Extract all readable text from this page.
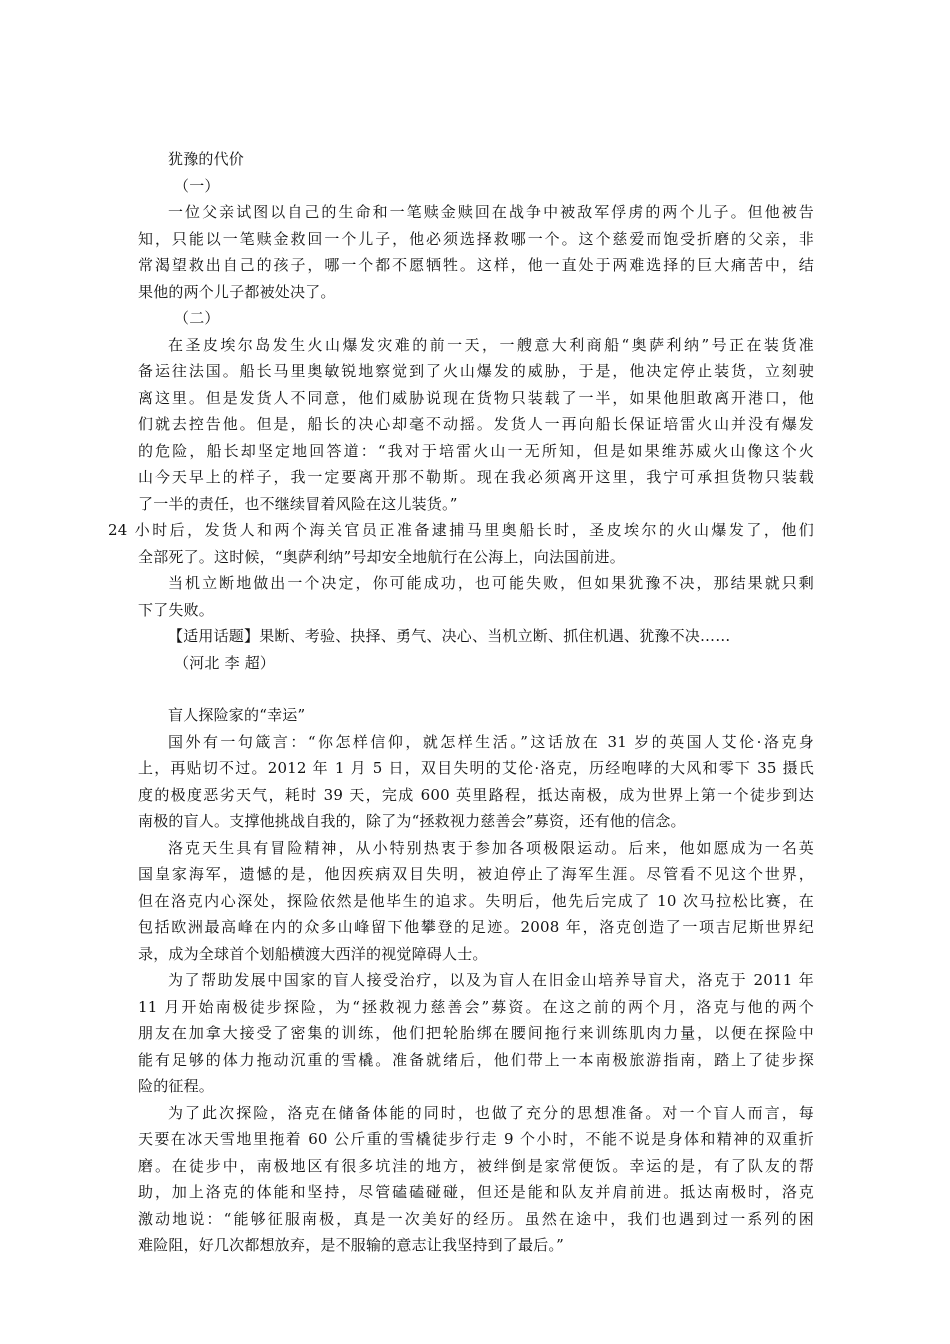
犹豫的代价
（一）
一位父亲试图以自己的生命和一笔赎金赎回在战争中被敌军俘虏的两个儿子。但他被告
知，只能以一笔赎金救回一个儿子，他必须选择救哪一个。这个慈爱而饱受折磨的父亲，非
常渴望救出自己的孩子，哪一个都不愿牺牲。这样，他一直处于两难选择的巨大痛苦中，结
果他的两个儿子都被处决了。
（二）
在圣皮埃尔岛发生火山爆发灾难的前一天，一艘意大利商船“奥萨利纳”号正在装货准
备运往法国。船长马里奥敏锐地察觉到了火山爆发的威胁，于是，他决定停止装货，立刻驶
离这里。但是发货人不同意，他们威胁说现在货物只装载了一半，如果他胆敢离开港口，他
们就去控告他。但是，船长的决心却毫不动摇。发货人一再向船长保证培雷火山并没有爆发
的危险，船长却坚定地回答道：“我对于培雷火山一无所知，但是如果维苏威火山像这个火
山今天早上的样子，我一定要离开那不勒斯。现在我必须离开这里，我宁可承担货物只装载
了一半的责任，也不继续冒着风险在这儿装货。”
24 小时后，发货人和两个海关官员正准备逮捕马里奥船长时，圣皮埃尔的火山爆发了，他们
全部死了。这时候，“奥萨利纳”号却安全地航行在公海上，向法国前进。
当机立断地做出一个决定，你可能成功，也可能失败，但如果犹豫不决，那结果就只剩
下了失败。
【适用话题】果断、考验、抉择、勇气、决心、当机立断、抓住机遇、犹豫不决……
（河北 李 超）
盲人探险家的“幸运”
国外有一句箴言：“你怎样信仰，就怎样生活。”这话放在 31 岁的英国人艾伦·洛克身
上，再贴切不过。2012 年 1 月 5 日，双目失明的艾伦·洛克，历经咆哮的大风和零下 35 摄氏
度的极度恶劣天气，耗时 39 天，完成 600 英里路程，抵达南极，成为世界上第一个徒步到达
南极的盲人。支撑他挑战自我的，除了为“拯救视力慈善会”募资，还有他的信念。
洛克天生具有冒险精神，从小特别热衷于参加各项极限运动。后来，他如愿成为一名英
国皇家海军，遗憾的是，他因疾病双目失明，被迫停止了海军生涯。尽管看不见这个世界，
但在洛克内心深处，探险依然是他毕生的追求。失明后，他先后完成了 10 次马拉松比赛，在
包括欧洲最高峰在内的众多山峰留下他攀登的足迹。2008 年，洛克创造了一项吉尼斯世界纪
录，成为全球首个划船横渡大西洋的视觉障碍人士。
为了帮助发展中国家的盲人接受治疗，以及为盲人在旧金山培养导盲犬，洛克于 2011 年
11 月开始南极徒步探险，为“拯救视力慈善会”募资。在这之前的两个月，洛克与他的两个
朋友在加拿大接受了密集的训练，他们把轮胎绑在腰间拖行来训练肌肉力量，以便在探险中
能有足够的体力拖动沉重的雪橇。准备就绪后，他们带上一本南极旅游指南，踏上了徒步探
险的征程。
为了此次探险，洛克在储备体能的同时，也做了充分的思想准备。对一个盲人而言，每
天要在冰天雪地里拖着 60 公斤重的雪橇徒步行走 9 个小时，不能不说是身体和精神的双重折
磨。在徒步中，南极地区有很多坑洼的地方，被绊倒是家常便饭。幸运的是，有了队友的帮
助，加上洛克的体能和坚持，尽管磕磕碰碰，但还是能和队友并肩前进。抵达南极时，洛克
激动地说：“能够征服南极，真是一次美好的经历。虽然在途中，我们也遇到过一系列的困
难险阻，好几次都想放弃，是不服输的意志让我坚持到了最后。”
